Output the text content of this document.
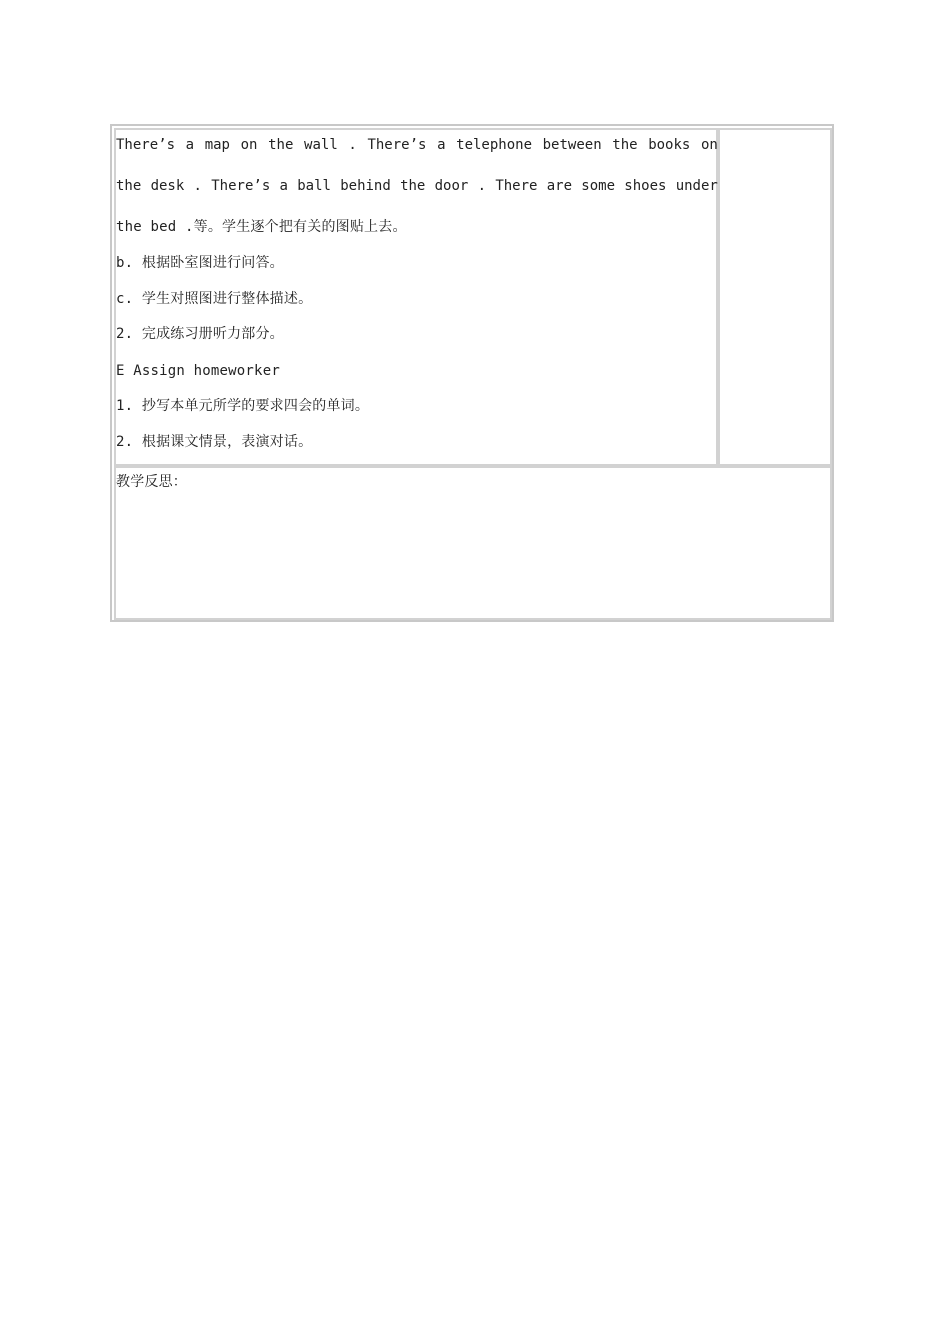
There’s a map on the wall . There’s a telephone between the books on
the desk . There’s a ball behind the door . There are some shoes under
the bed .等。学生逐个把有关的图贴上去。
b. 根据卧室图进行问答。
c. 学生对照图进行整体描述。
2. 完成练习册听力部分。
E Assign homeworker
1. 抄写本单元所学的要求四会的单词。
2. 根据课文情景，表演对话。
教学反思：
